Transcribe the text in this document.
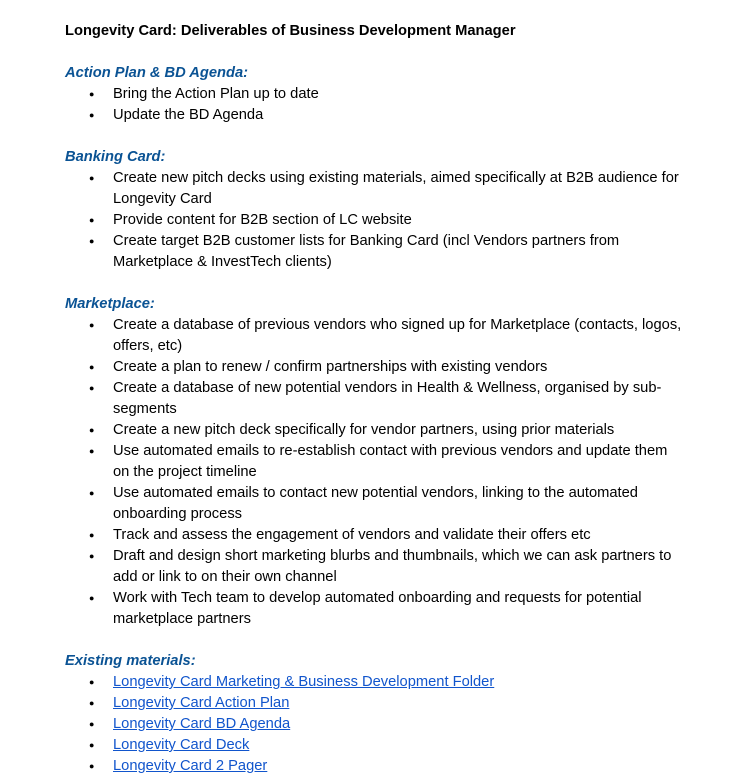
Longevity Card: Deliverables of Business Development Manager
Action Plan & BD Agenda:
● Bring the Action Plan up to date
● Update the BD Agenda
Banking Card:
● Create new pitch decks using existing materials, aimed specifically at B2B audience for Longevity Card
● Provide content for B2B section of LC website
● Create target B2B customer lists for Banking Card (incl Vendors partners from Marketplace & InvestTech clients)
Marketplace:
● Create a database of previous vendors who signed up for Marketplace (contacts, logos, offers, etc)
● Create a plan to renew / confirm partnerships with existing vendors
● Create a database of new potential vendors in Health & Wellness, organised by sub-segments
● Create a new pitch deck specifically for vendor partners, using prior materials
● Use automated emails to re-establish contact with previous vendors and update them on the project timeline
● Use automated emails to contact new potential vendors, linking to the automated onboarding process
● Track and assess the engagement of vendors and validate their offers etc
● Draft and design short marketing blurbs and thumbnails, which we can ask partners to add or link to on their own channel
● Work with Tech team to develop automated onboarding and requests for potential marketplace partners
Existing materials:
● Longevity Card Marketing & Business Development Folder
● Longevity Card Action Plan
● Longevity Card BD Agenda
● Longevity Card Deck
● Longevity Card 2 Pager
